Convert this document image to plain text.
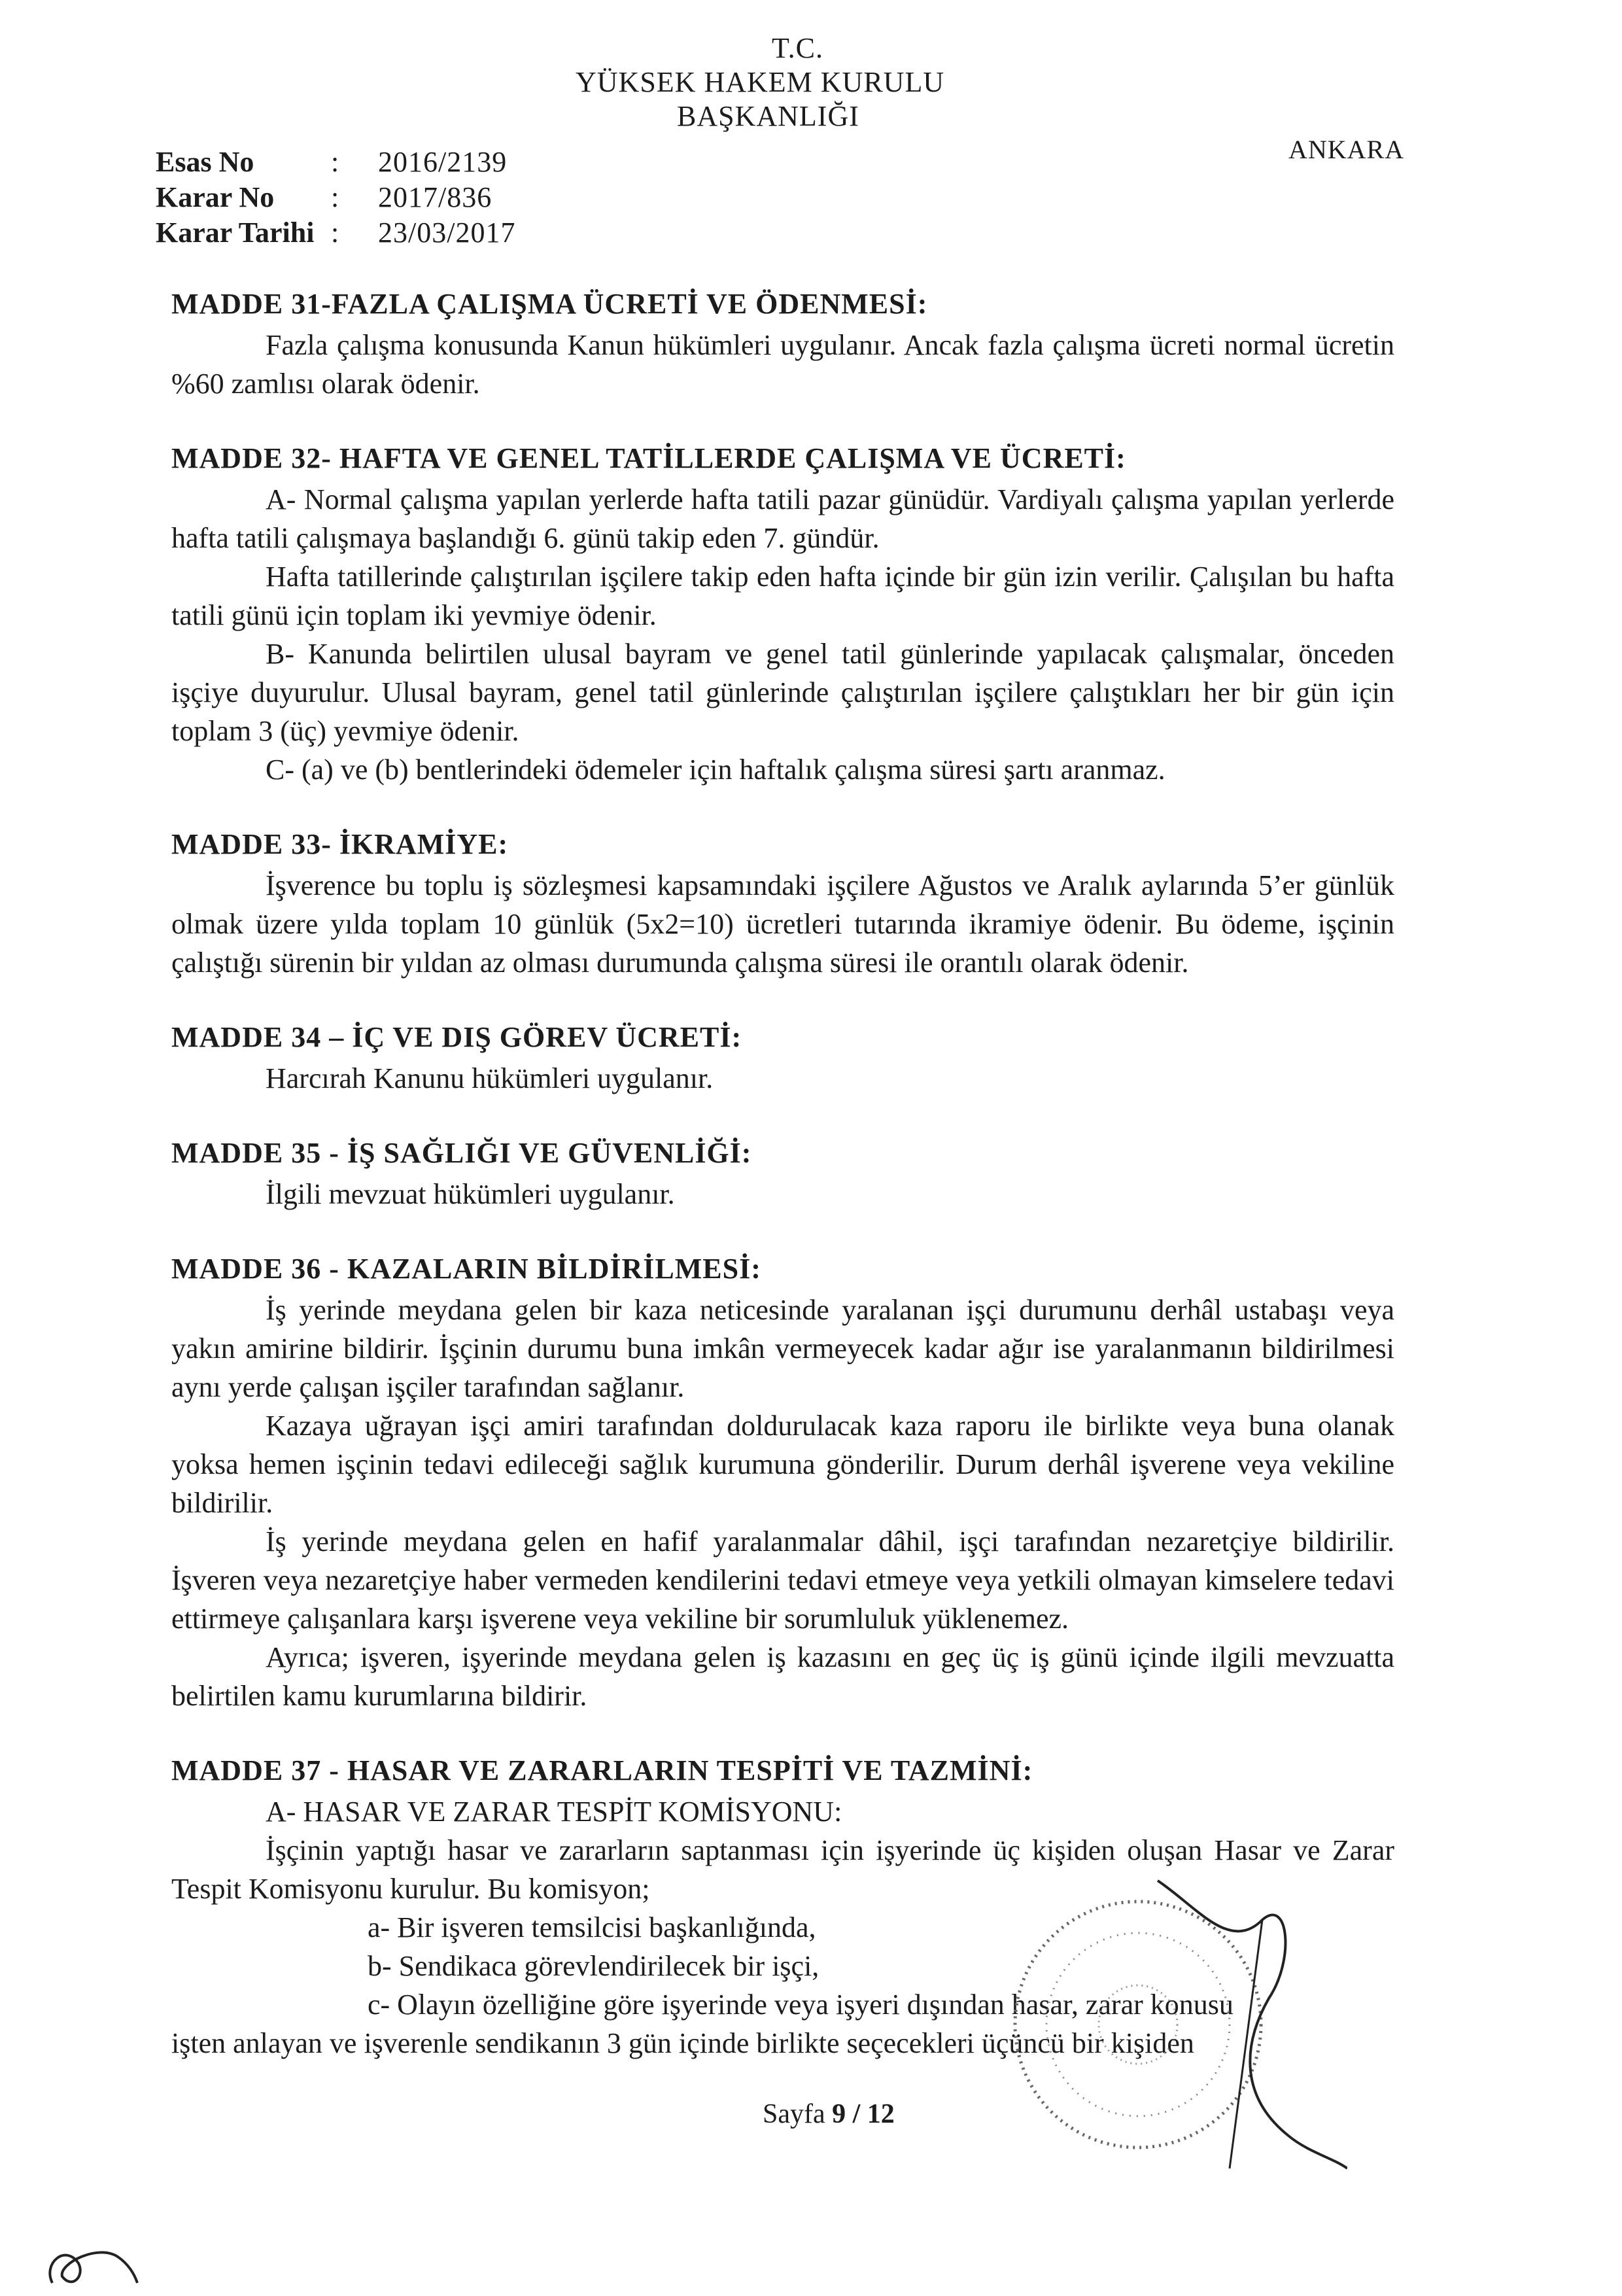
T.C.
YÜKSEK HAKEM KURULU
BAŞKANLIĞI
ANKARA
Esas No	: 2016/2139
Karar No : 2017/836
Karar Tarihi : 23/03/2017
MADDE 31-FAZLA ÇALIŞMA ÜCRETİ VE ÖDENMESİ:

Fazla çalışma konusunda Kanun hükümleri uygulanır. Ancak fazla çalışma ücreti normal ücretin %60 zamlısı olarak ödenir.

MADDE 32- HAFTA VE GENEL TATİLLERDE ÇALIŞMA VE ÜCRETİ:

A- Normal çalışma yapılan yerlerde hafta tatili pazar günüdür. Vardiyalı çalışma yapılan yerlerde hafta tatili çalışmaya başlandığı 6. günü takip eden 7. gündür.

Hafta tatillerinde çalıştırılan işçilere takip eden hafta içinde bir gün izin verilir. Çalışılan bu hafta tatili günü için toplam iki yevmiye ödenir.

B- Kanunda belirtilen ulusal bayram ve genel tatil günlerinde yapılacak çalışmalar, önceden işçiye duyurulur. Ulusal bayram, genel tatil günlerinde çalıştırılan işçilere çalıştıkları her bir gün için toplam 3 (üç) yevmiye ödenir.

C- (a) ve (b) bentlerindeki ödemeler için haftalık çalışma süresi şartı aranmaz.

MADDE 33- İKRAMİYE:

İşverence bu toplu iş sözleşmesi kapsamındaki işçilere Ağustos ve Aralık aylarında 5’er günlük olmak üzere yılda toplam 10 günlük (5x2=10) ücretleri tutarında ikramiye ödenir. Bu ödeme, işçinin çalıştığı sürenin bir yıldan az olması durumunda çalışma süresi ile orantılı olarak ödenir.

MADDE 34 – İÇ VE DIŞ GÖREV ÜCRETİ:

Harcırah Kanunu hükümleri uygulanır.

MADDE 35 - İŞ SAĞLIĞI VE GÜVENLİĞİ:

İlgili mevzuat hükümleri uygulanır.

MADDE 36 - KAZALARIN BİLDİRİLMESİ:

İş yerinde meydana gelen bir kaza neticesinde yaralanan işçi durumunu derhâl ustabaşı veya yakın amirine bildirir. İşçinin durumu buna imkân vermeyecek kadar ağır ise yaralanmanın bildirilmesi aynı yerde çalışan işçiler tarafından sağlanır.

Kazaya uğrayan işçi amiri tarafından doldurulacak kaza raporu ile birlikte veya buna olanak yoksa hemen işçinin tedavi edileceği sağlık kurumuna gönderilir. Durum derhâl işverene veya vekiline bildirilir.

İş yerinde meydana gelen en hafif yaralanmalar dâhil, işçi tarafından nezaretçiye bildirilir. İşveren veya nezaretçiye haber vermeden kendilerini tedavi etmeye veya yetkili olmayan kimselere tedavi ettirmeye çalışanlara karşı işverene veya vekiline bir sorumluluk yüklenemez.

Ayrıca; işveren, işyerinde meydana gelen iş kazasını en geç üç iş günü içinde ilgili mevzuatta belirtilen kamu kurumlarına bildirir.

MADDE 37 - HASAR VE ZARARLARIN TESPİTİ VE TAZMİNİ:

A- HASAR VE ZARAR TESPİT KOMİSYONU:

İşçinin yaptığı hasar ve zararların saptanması için işyerinde üç kişiden oluşan Hasar ve Zarar Tespit Komisyonu kurulur. Bu komisyon;

a- Bir işveren temsilcisi başkanlığında,

b- Sendikaca görevlendirilecek bir işçi,

c- Olayın özelliğine göre işyerinde veya işyeri dışından hasar, zarar konusu

işten anlayan ve işverenle sendikanın 3 gün içinde birlikte seçecekleri üçüncü bir kişiden

Sayfa 9 / 12
